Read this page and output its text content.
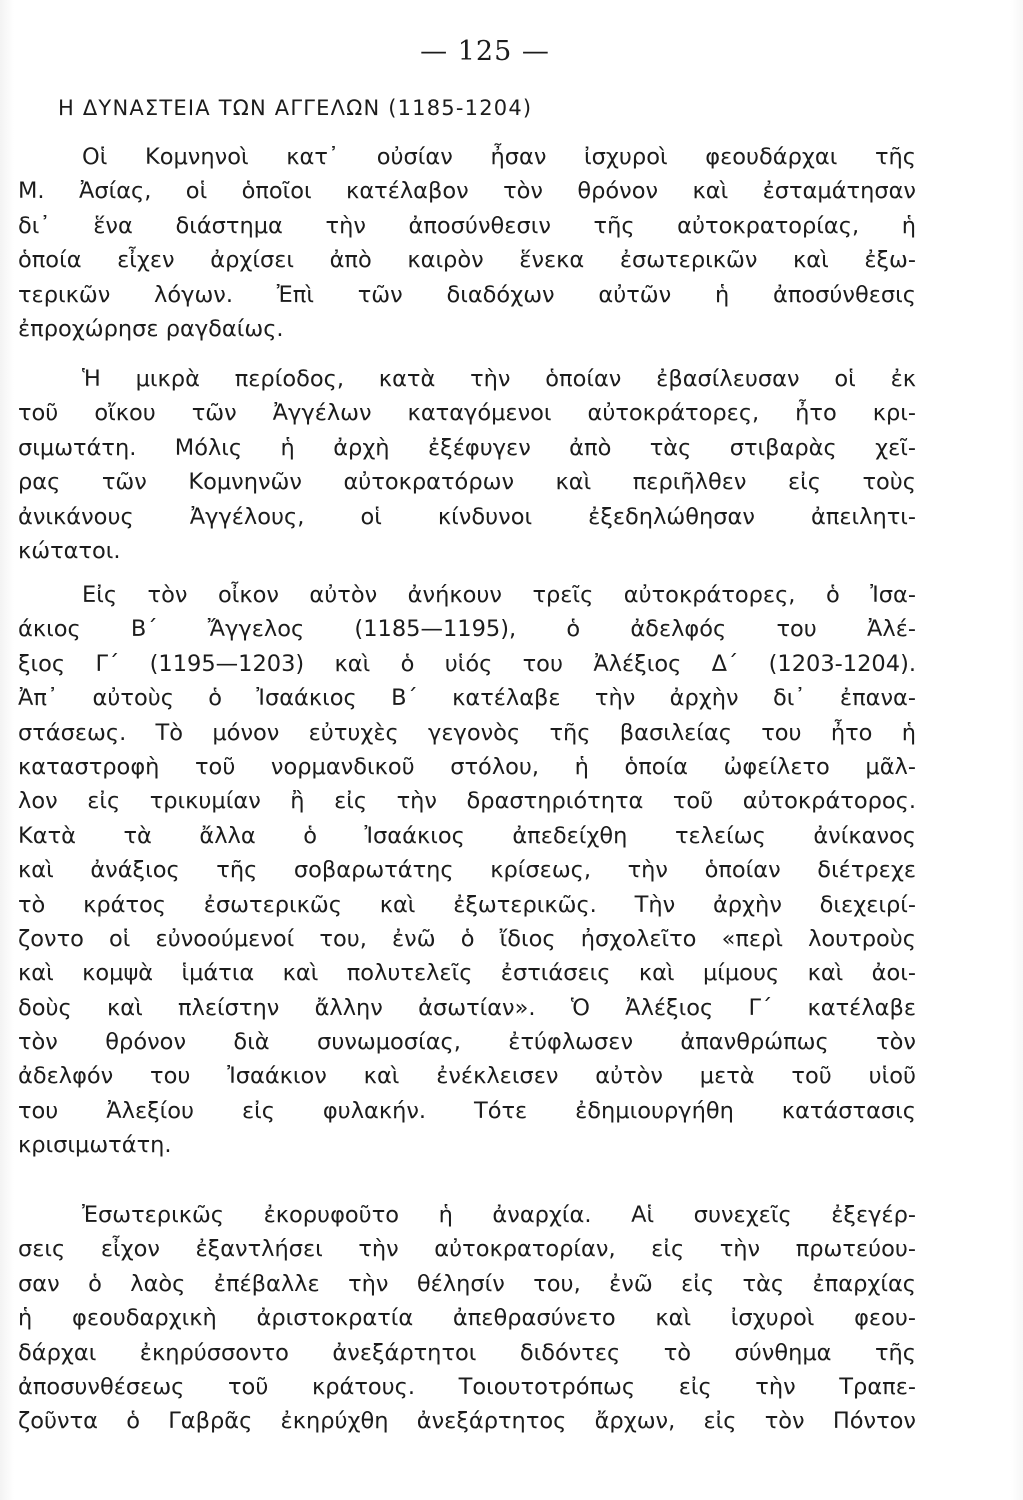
— 125 —
Η ΔΥΝΑΣΤΕΙΑ ΤΩΝ ΑΓΓΕΛΩΝ (1185-1204)
Οἱ Κομνηνοὶ κατ᾿ οὐσίαν ἦσαν ἰσχυροὶ φεουδάρχαι τῆς
Μ. Ἀσίας, οἱ ὁποῖοι κατέλαβον τὸν θρόνον καὶ ἐσταμάτησαν
δι᾿ ἕνα διάστημα τὴν ἀποσύνθεσιν τῆς αὐτοκρατορίας, ἡ
ὁποία εἶχεν ἀρχίσει ἀπὸ καιρὸν ἕνεκα ἐσωτερικῶν καὶ ἐξω-
τερικῶν λόγων. Ἐπὶ τῶν διαδόχων αὐτῶν ἡ ἀποσύνθεσις
ἐπροχώρησε ραγδαίως.
Ἡ μικρὰ περίοδος, κατὰ τὴν ὁποίαν ἐβασίλευσαν οἱ ἐκ
τοῦ οἴκου τῶν Ἀγγέλων καταγόμενοι αὐτοκράτορες, ἦτο κρι-
σιμωτάτη. Μόλις ἡ ἀρχὴ ἐξέφυγεν ἀπὸ τὰς στιβαρὰς χεῖ-
ρας τῶν Κομνηνῶν αὐτοκρατόρων καὶ περιῆλθεν εἰς τοὺς
ἀνικάνους Ἀγγέλους, οἱ κίνδυνοι ἐξεδηλώθησαν ἀπειλητι-
κώτατοι.
Εἰς τὸν οἶκον αὐτὸν ἀνήκουν τρεῖς αὐτοκράτορες, ὁ Ἰσα-
άκιος Β΄ Ἄγγελος (1185—1195), ὁ ἀδελφός του Ἀλέ-
ξιος Γ΄ (1195—1203) καὶ ὁ υἱός του Ἀλέξιος Δ΄ (1203-1204).
Ἀπ᾿ αὐτοὺς ὁ Ἰσαάκιος Β΄ κατέλαβε τὴν ἀρχὴν δι᾿ ἐπανα-
στάσεως. Τὸ μόνον εὐτυχὲς γεγονὸς τῆς βασιλείας του ἦτο ἡ
καταστροφὴ τοῦ νορμανδικοῦ στόλου, ἡ ὁποία ὠφείλετο μᾶλ-
λον εἰς τρικυμίαν ἢ εἰς τὴν δραστηριότητα τοῦ αὐτοκράτορος.
Κατὰ τὰ ἄλλα ὁ Ἰσαάκιος ἀπεδείχθη τελείως ἀνίκανος
καὶ ἀνάξιος τῆς σοβαρωτάτης κρίσεως, τὴν ὁποίαν διέτρεχε
τὸ κράτος ἐσωτερικῶς καὶ ἐξωτερικῶς. Τὴν ἀρχὴν διεχειρί-
ζοντο οἱ εὐνοούμενοί του, ἐνῶ ὁ ἴδιος ἠσχολεῖτο «περὶ λουτροὺς
καὶ κομψὰ ἱμάτια καὶ πολυτελεῖς ἐστιάσεις καὶ μίμους καὶ ἀοι-
δοὺς καὶ πλείστην ἄλλην ἀσωτίαν». Ὁ Ἀλέξιος Γ΄ κατέλαβε
τὸν θρόνον διὰ συνωμοσίας, ἐτύφλωσεν ἀπανθρώπως τὸν
ἀδελφόν του Ἰσαάκιον καὶ ἐνέκλεισεν αὐτὸν μετὰ τοῦ υἱοῦ
του Ἀλεξίου εἰς φυλακήν. Τότε ἐδημιουργήθη κατάστασις
κρισιμωτάτη.
Ἐσωτερικῶς ἐκορυφοῦτο ἡ ἀναρχία. Αἱ συνεχεῖς ἐξεγέρ-
σεις εἶχον ἐξαντλήσει τὴν αὐτοκρατορίαν, εἰς τὴν πρωτεύου-
σαν ὁ λαὸς ἐπέβαλλε τὴν θέλησίν του, ἐνῶ εἰς τὰς ἐπαρχίας
ἡ φεουδαρχικὴ ἀριστοκρατία ἀπεθρασύνετο καὶ ἰσχυροὶ φεου-
δάρχαι ἐκηρύσσοντο ἀνεξάρτητοι διδόντες τὸ σύνθημα τῆς
ἀποσυνθέσεως τοῦ κράτους. Τοιουτοτρόπως εἰς τὴν Τραπε-
ζοῦντα ὁ Γαβρᾶς ἐκηρύχθη ἀνεξάρτητος ἄρχων, εἰς τὸν Πόντον
